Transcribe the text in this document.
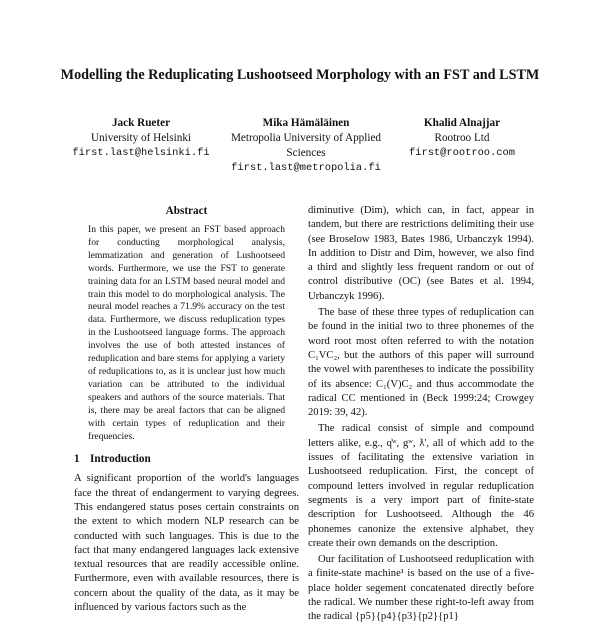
Modelling the Reduplicating Lushootseed Morphology with an FST and LSTM
Jack Rueter
University of Helsinki
first.last@helsinki.fi
Mika Hämäläinen
Metropolia University of Applied Sciences
first.last@metropolia.fi
Khalid Alnajjar
Rootroo Ltd
first@rootroo.com
Abstract

In this paper, we present an FST based approach for conducting morphological analysis, lemmatization and generation of Lushootseed words. Furthermore, we use the FST to generate training data for an LSTM based neural model and train this model to do morphological analysis. The neural model reaches a 71.9% accuracy on the test data. Furthermore, we discuss reduplication types in the Lushootseed language forms. The approach involves the use of both attested instances of reduplication and bare stems for applying a variety of reduplications to, as it is unclear just how much variation can be attributed to the individual speakers and authors of the source materials. That is, there may be areal factors that can be aligned with certain types of reduplication and their frequencies.

1 Introduction

A significant proportion of the world's languages face the threat of endangerment to varying degrees. This endangered status poses certain constraints on the extent to which modern NLP research can be conducted with such languages. This is due to the fact that many endangered languages lack extensive textual resources that are readily accessible online. Furthermore, even with available resources, there is concern about the quality of the data, as it may be influenced by various factors such as the

diminutive (Dim), which can, in fact, appear in tandem, but there are restrictions delimiting their use (see Broselow 1983, Bates 1986, Urbanczyk 1994). In addition to Distr and Dim, however, we also find a third and slightly less frequent random or out of control distributive (OC) (see Bates et al. 1994, Urbanczyk 1996).

The base of these three types of reduplication can be found in the initial two to three phonemes of the word root most often referred to with the notation C₁VC₂, but the authors of this paper will surround the vowel with parentheses to indicate the possibility of its absence: C₁(V)C₂ and thus accommodate the radical CC mentioned in (Beck 1999:24; Crowgey 2019: 39, 42).

The radical consist of simple and compound letters alike, e.g., q̓ʷ, gʷ, ƛ', all of which add to the issues of facilitating the extensive variation in Lushootseed reduplication. First, the concept of compound letters involved in regular reduplication segments is a very import part of finite-state description for Lushootseed. Although the 46 phonemes canonize the extensive alphabet, they create their own demands on the description.

Our facilitation of Lushootseed reduplication with a finite-state machine¹ is based on the use of a five-place holder segement concatenated directly before the radical. We number these right-to-left away from the radical {p5}{p4}{p3}{p2}{p1}
